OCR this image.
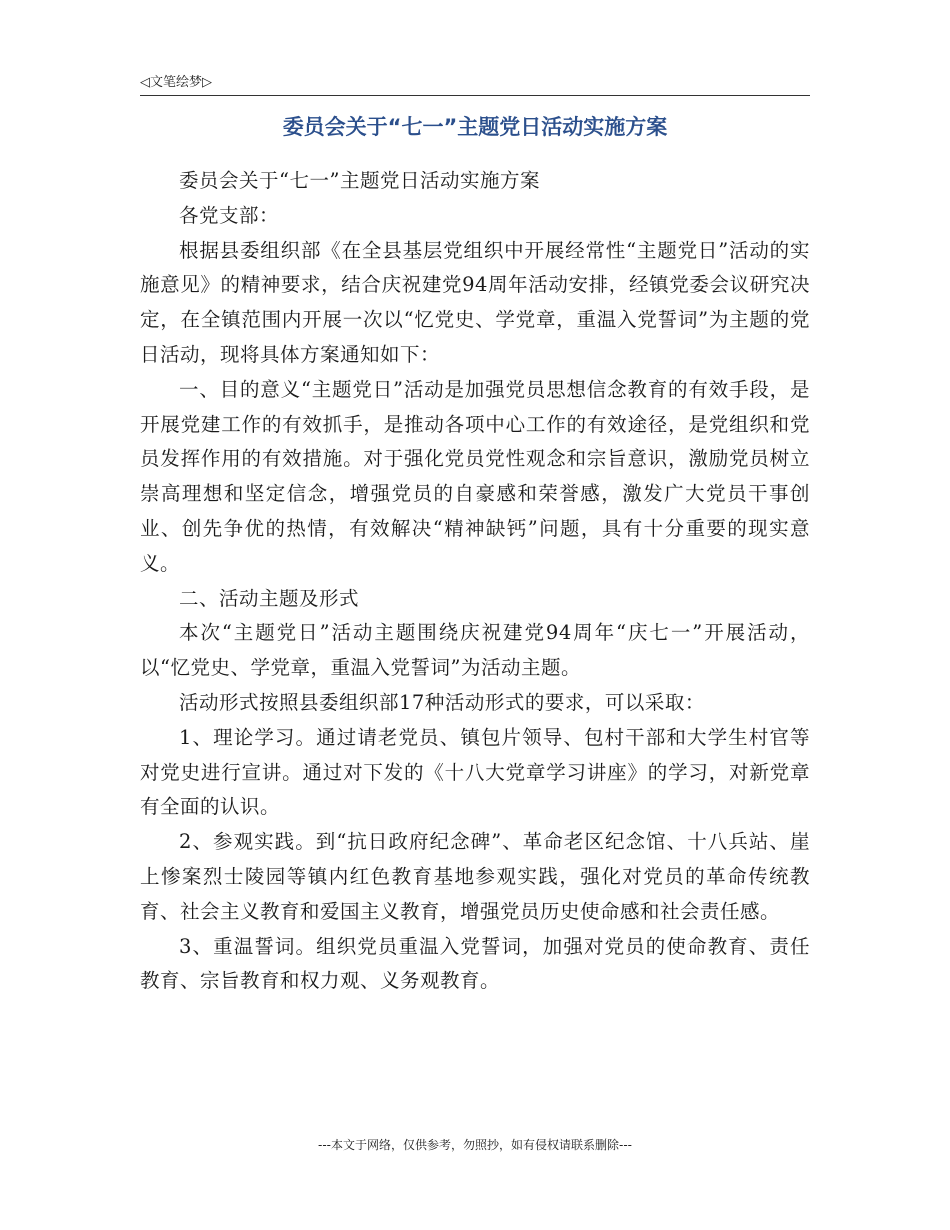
◁文笔绘梦▷
委员会关于“七一”主题党日活动实施方案

委员会关于“七一”主题党日活动实施方案

各党支部：

根据县委组织部《在全县基层党组织中开展经常性“主题党日”活动的实施意见》的精神要求，结合庆祝建党94周年活动安排，经镇党委会议研究决定，在全镇范围内开展一次以“忆党史、学党章，重温入党誓词”为主题的党日活动，现将具体方案通知如下：

一、目的意义“主题党日”活动是加强党员思想信念教育的有效手段，是开展党建工作的有效抓手，是推动各项中心工作的有效途径，是党组织和党员发挥作用的有效措施。对于强化党员党性观念和宗旨意识，激励党员树立崇高理想和坚定信念，增强党员的自豪感和荣誉感，激发广大党员干事创业、创先争优的热情，有效解决“精神缺钙”问题，具有十分重要的现实意义。

二、活动主题及形式

本次“主题党日”活动主题围绕庆祝建党94周年“庆七一”开展活动，以“忆党史、学党章，重温入党誓词”为活动主题。

活动形式按照县委组织部17种活动形式的要求，可以采取：

1、理论学习。通过请老党员、镇包片领导、包村干部和大学生村官等对党史进行宣讲。通过对下发的《十八大党章学习讲座》的学习，对新党章有全面的认识。

2、参观实践。到“抗日政府纪念碑”、革命老区纪念馆、十八兵站、崖上惨案烈士陵园等镇内红色教育基地参观实践，强化对党员的革命传统教育、社会主义教育和爱国主义教育，增强党员历史使命感和社会责任感。

3、重温誓词。组织党员重温入党誓词，加强对党员的使命教育、责任教育、宗旨教育和权力观、义务观教育。

---本文于网络，仅供参考，勿照抄，如有侵权请联系删除---
